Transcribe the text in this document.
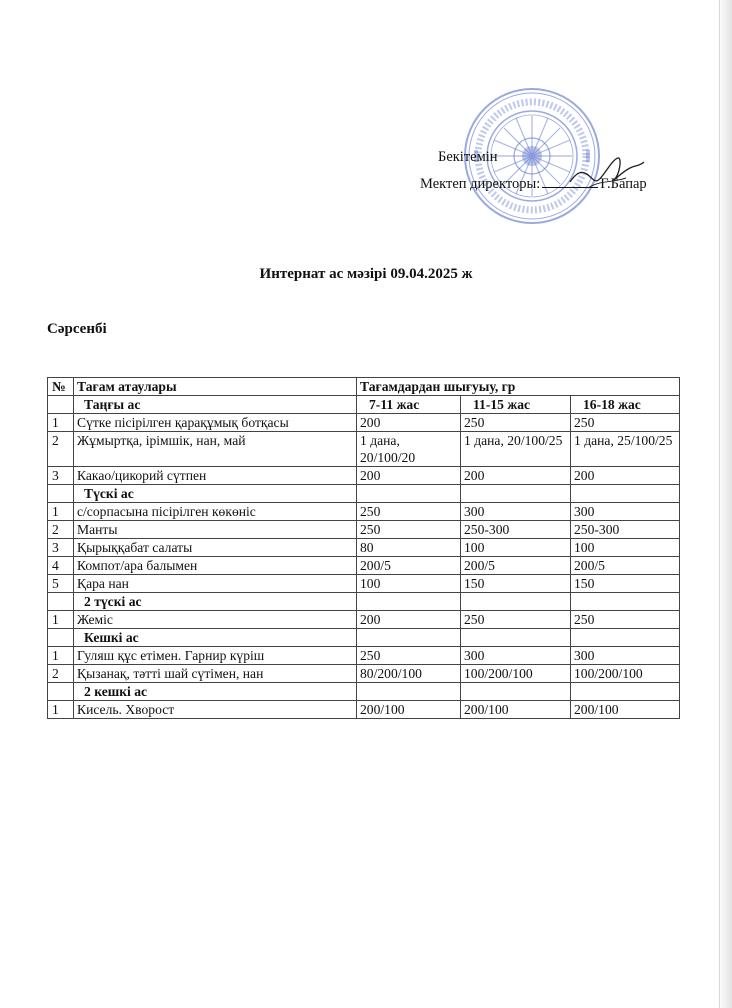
Бекітемін
Мектеп директоры:	Г.Бапар
Интернат ас мәзірі 09.04.2025 ж
Сәрсенбі
№	Тағам атаулары	Тағамдардан шығуыу, гр		
	Таңғы ас	7-11 жас	11-15 жас	16-18 жас
1	Сүтке пісірілген қарақұмық ботқасы	200	250	250
2	Жұмыртқа, ірімшік, нан, май	1 дана, 20/100/20	1 дана, 20/100/25	1 дана, 25/100/25
3	Какао/цикорий сүтпен	200	200	200
	Түскі ас			
1	с/сорпасына пісірілген көкөніс	250	300	300
2	Манты	250	250-300	250-300
3	Қырыққабат салаты	80	100	100
4	Компот/ара балымен	200/5	200/5	200/5
5	Қара нан	100	150	150
	2 түскі ас			
1	Жеміс	200	250	250
	Кешкі ас			
1	Гуляш құс етімен. Гарнир күріш	250	300	300
2	Қызанақ, тәтті шай сүтімен, нан	80/200/100	100/200/100	100/200/100
	2 кешкі ас			
1	Кисель. Хворост	200/100	200/100	200/100
